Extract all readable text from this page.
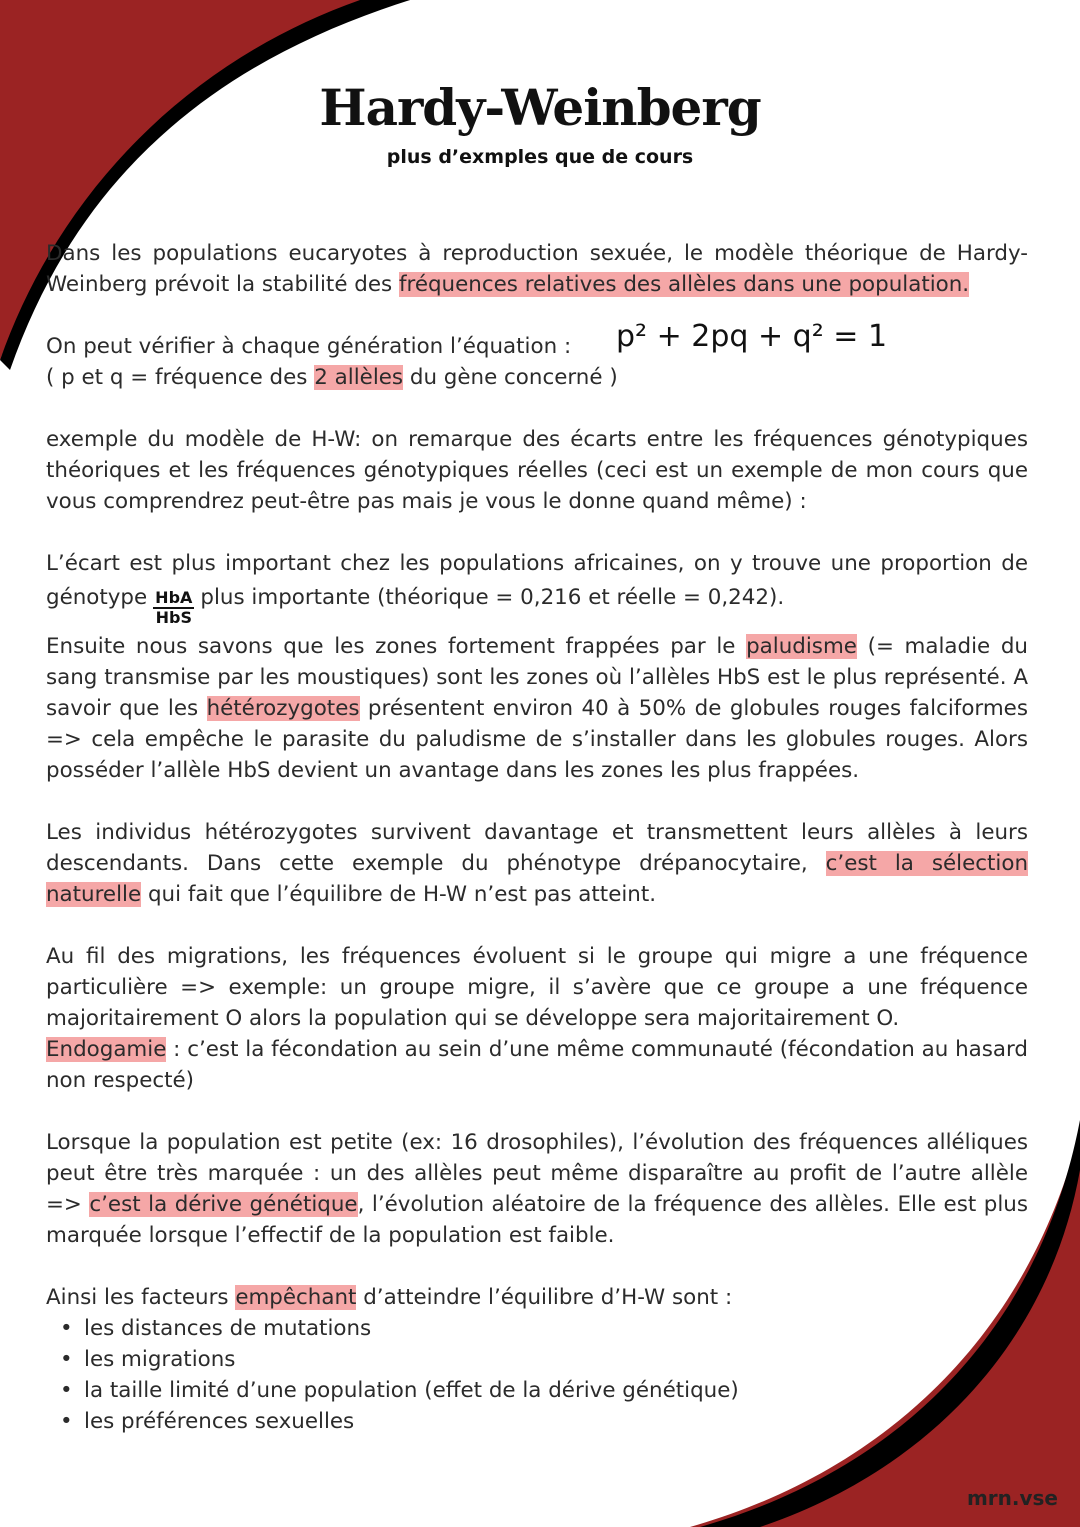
Hardy-Weinberg
plus d’exmples que de cours

Dans les populations eucaryotes à reproduction sexuée, le modèle théorique de Hardy-Weinberg prévoit la stabilité des fréquences relatives des allèles dans une population.

On peut vérifier à chaque génération l’équation :
( p et q = fréquence des 2 allèles du gène concerné )
p² + 2pq + q² = 1

exemple du modèle de H-W: on remarque des écarts entre les fréquences génotypiques théoriques et les fréquences génotypiques réelles (ceci est un exemple de mon cours que vous comprendrez peut-être pas mais je vous le donne quand même) :

L’écart est plus important chez les populations africaines, on y trouve une proportion de génotype $\frac{\text{HbA}}{\text{HbS}}$ plus importante (théorique = 0,216 et réelle = 0,242).

Ensuite nous savons que les zones fortement frappées par le paludisme (= maladie du sang transmise par les moustiques) sont les zones où l’allèles HbS est le plus représenté. A savoir que les hétérozygotes présentent environ 40 à 50% de globules rouges falciformes => cela empêche le parasite du paludisme de s’installer dans les globules rouges. Alors posséder l’allèle HbS devient un avantage dans les zones les plus frappées.

Les individus hétérozygotes survivent davantage et transmettent leurs allèles à leurs descendants. Dans cette exemple du phénotype drépanocytaire, c’est la sélection naturelle qui fait que l’équilibre de H-W n’est pas atteint.

Au fil des migrations, les fréquences évoluent si le groupe qui migre a une fréquence particulière => exemple: un groupe migre, il s’avère que ce groupe a une fréquence majoritairement O alors la population qui se développe sera majoritairement O.

Endogamie : c’est la fécondation au sein d’une même communauté (fécondation au hasard non respecté)

Lorsque la population est petite (ex: 16 drosophiles), l’évolution des fréquences alléliques peut être très marquée : un des allèles peut même disparaître au profit de l’autre allèle => c’est la dérive génétique, l’évolution aléatoire de la fréquence des allèles. Elle est plus marquée lorsque l’effectif de la population est faible.

Ainsi les facteurs empêchant d’atteindre l’équilibre d’H-W sont :
• les distances de mutations
• les migrations
• la taille limité d’une population (effet de la dérive génétique)
• les préférences sexuelles
mrn.vse
